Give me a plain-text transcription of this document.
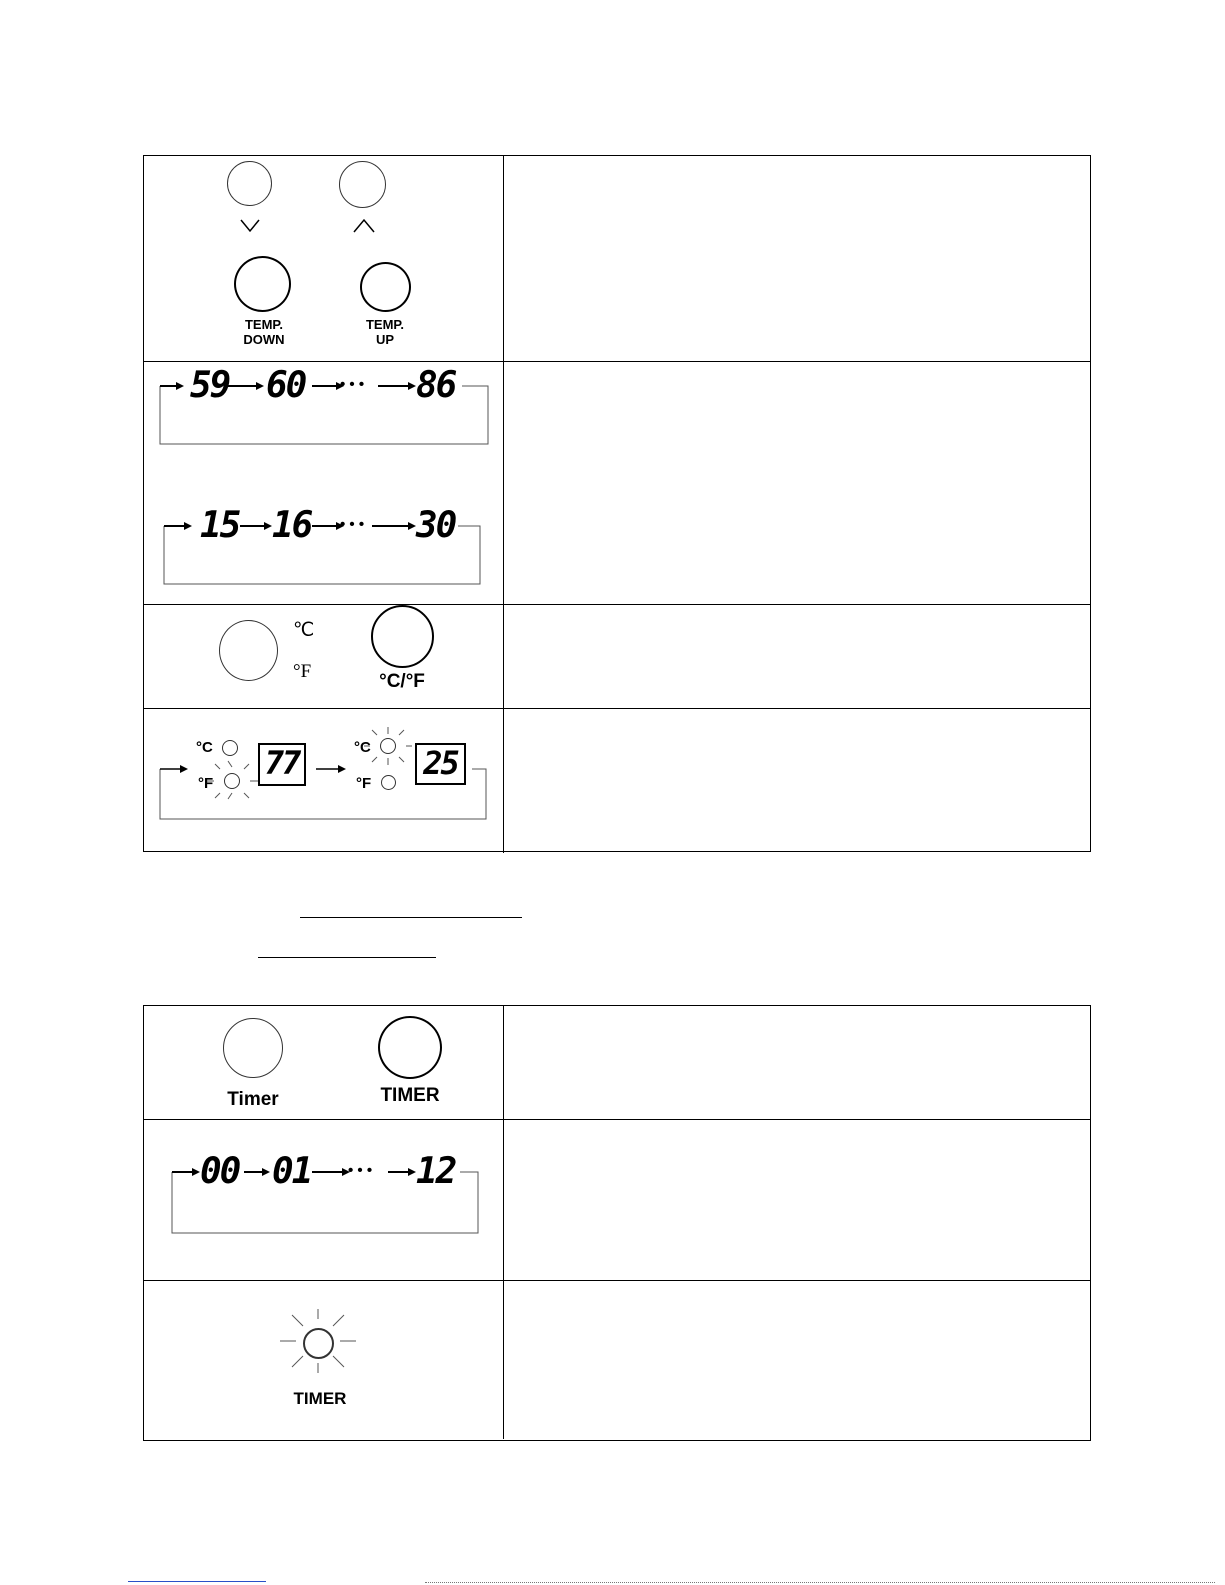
TEMP.
DOWN
TEMP.
UP
59 60 • • • 86
15 16 • • • 30
℃
°F	°C/°F
°C
°F
77	°C
°F
25
Timer	TIMER
00 01 • • • 12
TIMER
